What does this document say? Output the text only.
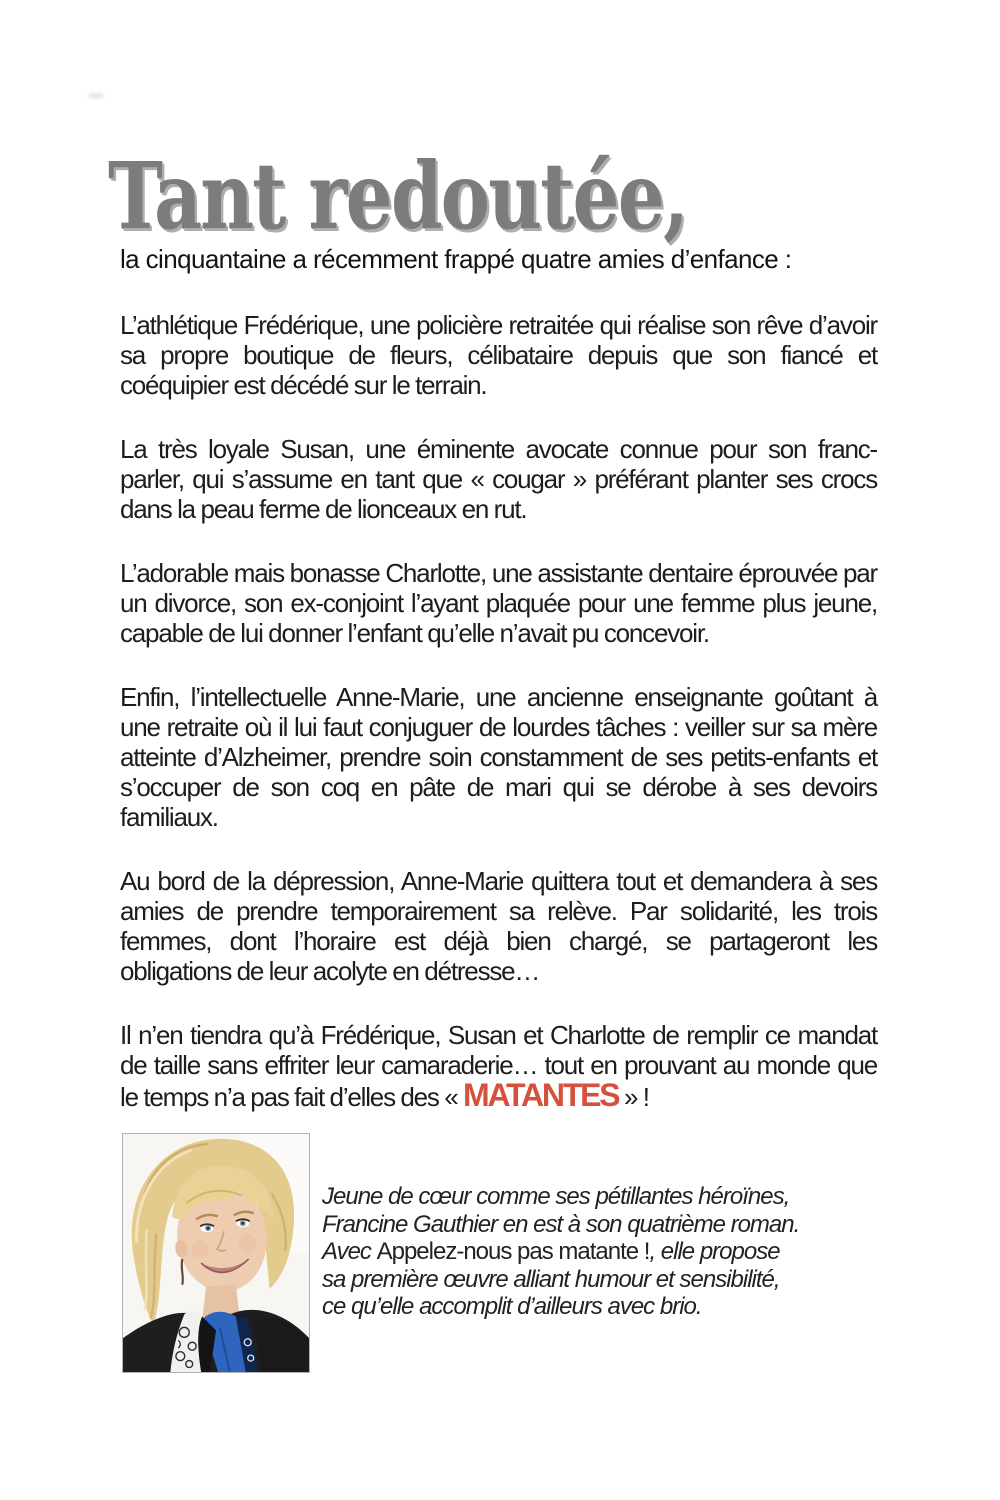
Tant redoutée,

la cinquantaine a récemment frappé quatre amies d’enfance :

L’athlétique Frédérique, une policière retraitée qui réalise son rêve d’avoir sa propre boutique de fleurs, célibataire depuis que son fiancé et coéquipier est décédé sur le terrain.

La très loyale Susan, une éminente avocate connue pour son franc-parler, qui s’assume en tant que « cougar » préférant planter ses crocs dans la peau ferme de lionceaux en rut.

L’adorable mais bonasse Charlotte, une assistante dentaire éprouvée par un divorce, son ex-conjoint l’ayant plaquée pour une femme plus jeune, capable de lui donner l’enfant qu’elle n’avait pu concevoir.

Enfin, l’intellectuelle Anne-Marie, une ancienne enseignante goûtant à une retraite où il lui faut conjuguer de lourdes tâches : veiller sur sa mère atteinte d’Alzheimer, prendre soin constamment de ses petits-enfants et s’occuper de son coq en pâte de mari qui se dérobe à ses devoirs familiaux.

Au bord de la dépression, Anne-Marie quittera tout et demandera à ses amies de prendre temporairement sa relève. Par solidarité, les trois femmes, dont l’horaire est déjà bien chargé, se partageront les obligations de leur acolyte en détresse…

Il n’en tiendra qu’à Frédérique, Susan et Charlotte de remplir ce mandat de taille sans effriter leur camaraderie… tout en prouvant au monde que le temps n’a pas fait d’elles des « MATANTES » !

Jeune de cœur comme ses pétillantes héroïnes, Francine Gauthier en est à son quatrième roman. Avec Appelez-nous pas matante !, elle propose sa première œuvre alliant humour et sensibilité, ce qu’elle accomplit d’ailleurs avec brio.
